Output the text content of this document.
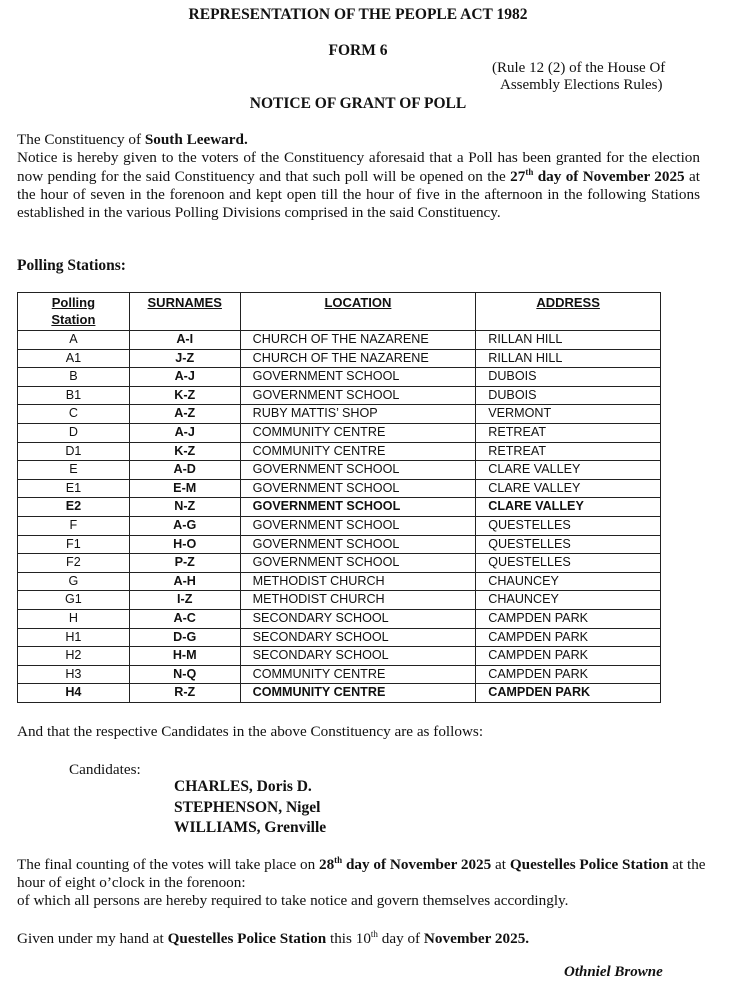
REPRESENTATION OF THE PEOPLE ACT 1982
FORM 6
(Rule 12 (2) of the House Of
Assembly Elections Rules)
NOTICE OF GRANT OF POLL
The Constituency of South Leeward.
Notice is hereby given to the voters of the Constituency aforesaid that a Poll has been granted for the election now pending for the said Constituency and that such poll will be opened on the 27th day of November 2025 at the hour of seven in the forenoon and kept open till the hour of five in the afternoon in the following Stations established in the various Polling Divisions comprised in the said Constituency.
Polling Stations:
Polling
Station	SURNAMES	LOCATION	ADDRESS
A	A-I	CHURCH OF THE NAZARENE	RILLAN HILL
A1	J-Z	CHURCH OF THE NAZARENE	RILLAN HILL
B	A-J	GOVERNMENT SCHOOL	DUBOIS
B1	K-Z	GOVERNMENT SCHOOL	DUBOIS
C	A-Z	RUBY MATTIS’ SHOP	VERMONT
D	A-J	COMMUNITY CENTRE	RETREAT
D1	K-Z	COMMUNITY CENTRE	RETREAT
E	A-D	GOVERNMENT SCHOOL	CLARE VALLEY
E1	E-M	GOVERNMENT SCHOOL	CLARE VALLEY
E2	N-Z	GOVERNMENT SCHOOL	CLARE VALLEY
F	A-G	GOVERNMENT SCHOOL	QUESTELLES
F1	H-O	GOVERNMENT SCHOOL	QUESTELLES
F2	P-Z	GOVERNMENT SCHOOL	QUESTELLES
G	A-H	METHODIST CHURCH	CHAUNCEY
G1	I-Z	METHODIST CHURCH	CHAUNCEY
H	A-C	SECONDARY SCHOOL	CAMPDEN PARK
H1	D-G	SECONDARY SCHOOL	CAMPDEN PARK
H2	H-M	SECONDARY SCHOOL	CAMPDEN PARK
H3	N-Q	COMMUNITY CENTRE	CAMPDEN PARK
H4	R-Z	COMMUNITY CENTRE	CAMPDEN PARK
And that the respective Candidates in the above Constituency are as follows:
Candidates:
CHARLES, Doris D.
STEPHENSON, Nigel
WILLIAMS, Grenville
The final counting of the votes will take place on 28th day of November 2025 at Questelles Police Station at the hour of eight o’clock in the forenoon:
of which all persons are hereby required to take notice and govern themselves accordingly.
Given under my hand at Questelles Police Station this 10th day of November 2025.
Othniel Browne
